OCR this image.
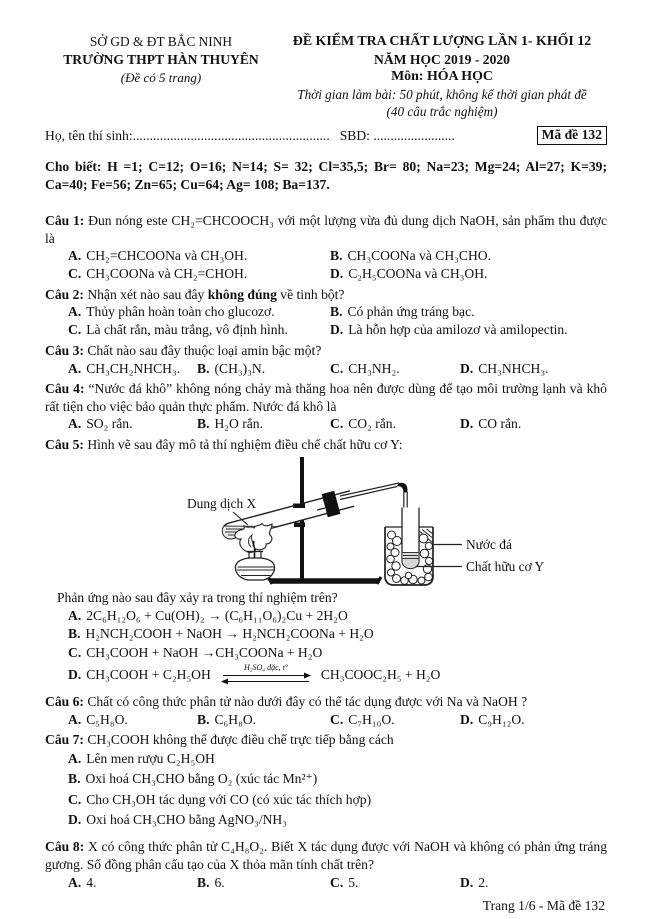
SỞ GD & ĐT BẮC NINH
TRƯỜNG THPT HÀN THUYÊN
(Đề có 5 trang)
ĐỀ KIỂM TRA CHẤT LƯỢNG LẦN 1- KHỐI 12
NĂM HỌC 2019 - 2020
Môn: HÓA HỌC
Thời gian làm bài: 50 phút, không kể thời gian phát đề
(40 câu trắc nghiệm)
Họ, tên thí sinh:.......................................................... SBD: ........................	Mã đề 132

Cho biết: H =1; C=12; O=16; N=14; S= 32; Cl=35,5; Br= 80; Na=23; Mg=24; Al=27; K=39; Ca=40; Fe=56; Zn=65; Cu=64; Ag= 108; Ba=137.

Câu 1: Đun nóng este CH₂=CHCOOCH₃ với một lượng vừa đủ dung dịch NaOH, sản phẩm thu được là

A. CH₂=CHCOONa và CH₃OH.	B. CH₃COONa và CH₃CHO.
C. CH₃COONa và CH₂=CHOH.	D. C₂H₅COONa và CH₃OH.

Câu 2: Nhận xét nào sau đây không đúng về tinh bột?

A. Thủy phân hoàn toàn cho glucozơ.	B. Có phản ứng tráng bạc.
C. Là chất rắn, màu trắng, vô định hình.	D. Là hỗn hợp của amilozơ và amilopectin.

Câu 3: Chất nào sau đây thuộc loại amin bậc một?

A. CH₃CH₂NHCH₃.	B. (CH₃)₃N.	C. CH₃NH₂.	D. CH₃NHCH₃.

Câu 4: “Nước đá khô” không nóng chảy mà thăng hoa nên được dùng để tạo môi trường lạnh và khô rất tiện cho việc bảo quản thực phẩm. Nước đá khô là

A. SO₂ rắn.	B. H₂O rắn.	C. CO₂ rắn.	D. CO rắn.

Câu 5: Hình vẽ sau đây mô tả thí nghiệm điều chế chất hữu cơ Y:

Dung dịch X
Nước đá
Chất hữu cơ Y

Phản ứng nào sau đây xảy ra trong thí nghiệm trên?

A. 2C₆H₁₂O₆ + Cu(OH)₂ → (C₆H₁₁O₆)₂Cu + 2H₂O
B. H₂NCH₂COOH + NaOH → H₂NCH₂COONa + H₂O
C. CH₃COOH + NaOH →CH₃COONa + H₂O
D. CH₃COOH + C₂H₅OH	H₂SO₄ đặc, t° CH₃COOC₂H₅ + H₂O

Câu 6: Chất có công thức phân tử nào dưới đây có thể tác dụng được với Na và NaOH ?

A. C₅H₈O.	B. C₆H₈O.	C. C₇H₁₀O.	D. C₉H₁₂O.

Câu 7: CH₃COOH không thể được điều chế trực tiếp bằng cách

A. Lên men rượu C₂H₅OH
B. Oxi hoá CH₃CHO bằng O₂ (xúc tác Mn²⁺)
C. Cho CH₃OH tác dụng với CO (có xúc tác thích hợp)
D. Oxi hoá CH₃CHO bằng AgNO₃/NH₃

Câu 8: X có công thức phân tử C₄H₈O₂. Biết X tác dụng được với NaOH và không có phản ứng tráng gương. Số đồng phân cấu tạo của X thỏa mãn tính chất trên?

A. 4.	B. 6.	C. 5.	D. 2.
Trang 1/6 - Mã đề 132
